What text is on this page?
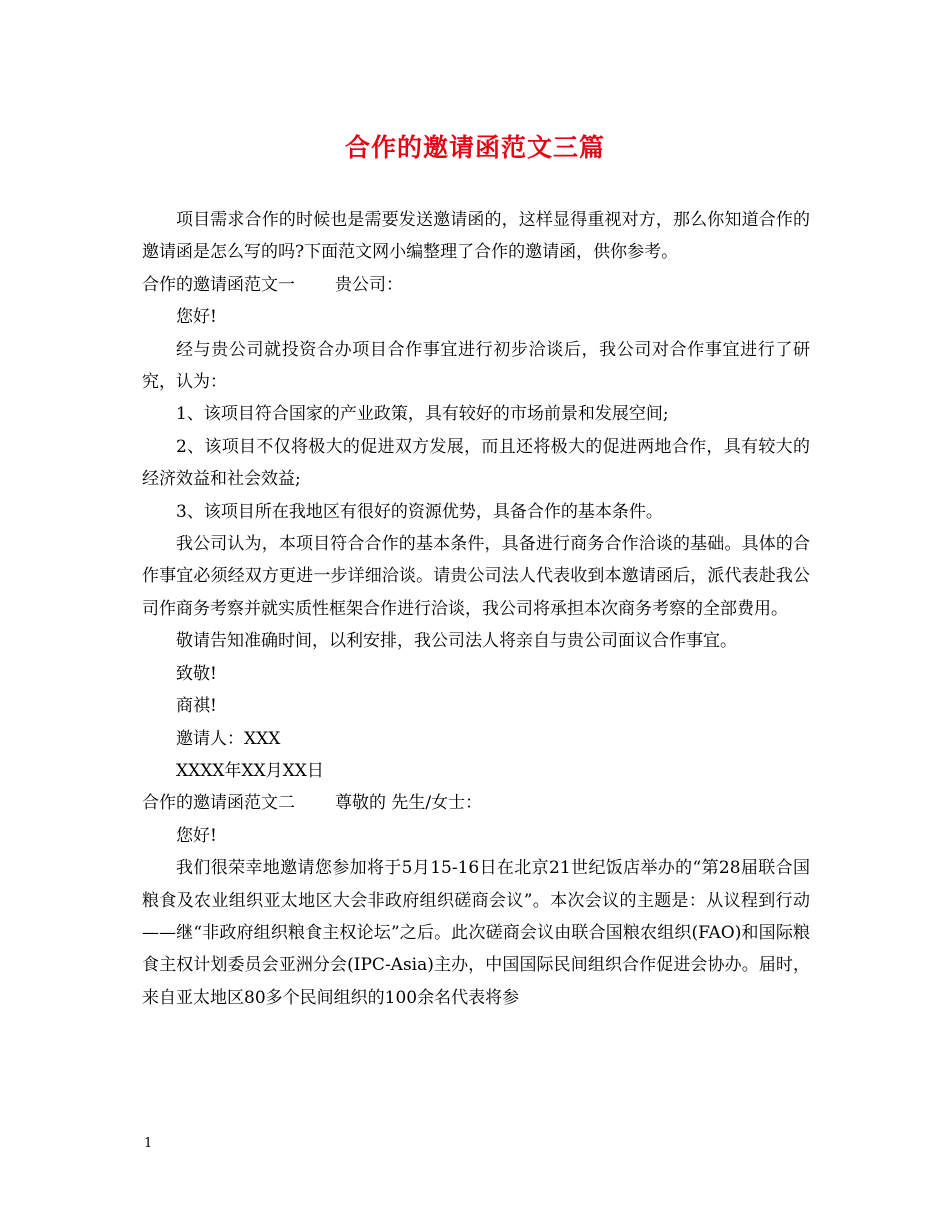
合作的邀请函范文三篇

项目需求合作的时候也是需要发送邀请函的，这样显得重视对方，那么你知道合作的邀请函是怎么写的吗?下面范文网小编整理了合作的邀请函，供你参考。

合作的邀请函范文一 贵公司：

您好!

经与贵公司就投资合办项目合作事宜进行初步洽谈后，我公司对合作事宜进行了研究，认为：

1、该项目符合国家的产业政策，具有较好的市场前景和发展空间;

2、该项目不仅将极大的促进双方发展，而且还将极大的促进两地合作，具有较大的经济效益和社会效益;

3、该项目所在我地区有很好的资源优势，具备合作的基本条件。

我公司认为，本项目符合合作的基本条件，具备进行商务合作洽谈的基础。具体的合作事宜必须经双方更进一步详细洽谈。请贵公司法人代表收到本邀请函后，派代表赴我公司作商务考察并就实质性框架合作进行洽谈，我公司将承担本次商务考察的全部费用。

敬请告知准确时间，以利安排，我公司法人将亲自与贵公司面议合作事宜。

致敬!

商祺!

邀请人：XXX

XXXX年XX月XX日

合作的邀请函范文二 尊敬的 先生/女士：

您好!

我们很荣幸地邀请您参加将于5月15-16日在北京21世纪饭店举办的“第28届联合国粮食及农业组织亚太地区大会非政府组织磋商会议”。本次会议的主题是：从议程到行动——继“非政府组织粮食主权论坛”之后。此次磋商会议由联合国粮农组织(FAO)和国际粮食主权计划委员会亚洲分会(IPC-Asia)主办，中国国际民间组织合作促进会协办。届时，来自亚太地区80多个民间组织的100余名代表将参

1
